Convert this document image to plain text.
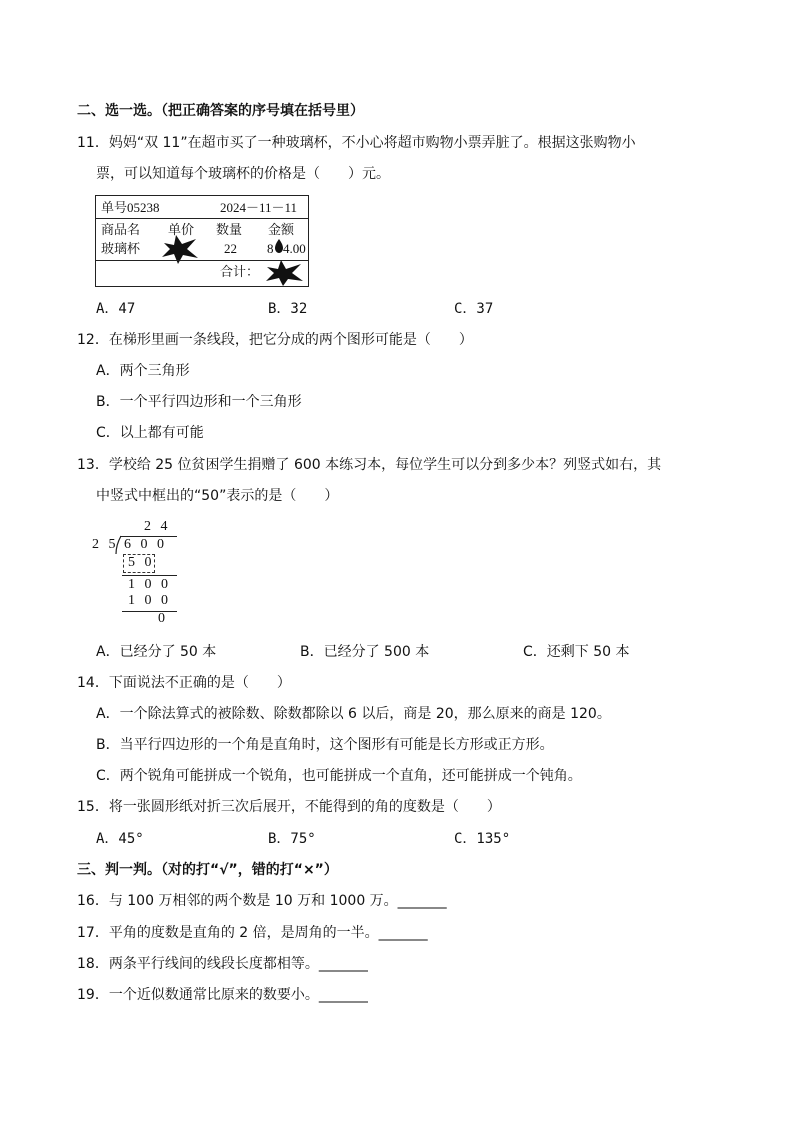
二、选一选。（把正确答案的序号填在括号里）
11．妈妈“双 11”在超市买了一种玻璃杯，不小心将超市购物小票弄脏了。根据这张购物小
票，可以知道每个玻璃杯的价格是（　　）元。
单号05238	2024－11－11
商品名 单价 数量 金额
玻璃杯	22 8 4.00
合计：
A．47	B．32	C．37
12．在梯形里画一条线段，把它分成的两个图形可能是（　　）
A．两个三角形
B．一个平行四边形和一个三角形
C．以上都有可能
13．学校给 25 位贫困学生捐赠了 600 本练习本，每位学生可以分到多少本？列竖式如右，其
中竖式中框出的“50”表示的是（　　）
2 4
2 5 6 0 0
5 0
1 0 0
1 0 0
0
A．已经分了 50 本	B．已经分了 500 本	C．还剩下 50 本
14．下面说法不正确的是（　　）
A．一个除法算式的被除数、除数都除以 6 以后，商是 20，那么原来的商是 120。
B．当平行四边形的一个角是直角时，这个图形有可能是长方形或正方形。
C．两个锐角可能拼成一个锐角，也可能拼成一个直角，还可能拼成一个钝角。
15．将一张圆形纸对折三次后展开，不能得到的角的度数是（　　）
A．45°	B．75°	C．135°
三、判一判。（对的打“√”，错的打“×”）
16．与 100 万相邻的两个数是 10 万和 1000 万。_______
17．平角的度数是直角的 2 倍，是周角的一半。_______
18．两条平行线间的线段长度都相等。_______
19．一个近似数通常比原来的数要小。_______
